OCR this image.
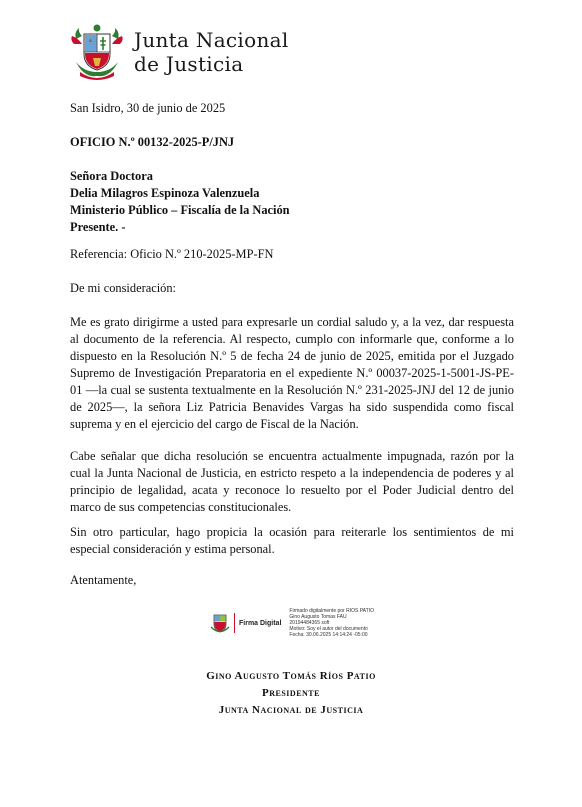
Junta Nacional
de Justicia
San Isidro, 30 de junio de 2025
OFICIO N.º 00132-2025-P/JNJ
Señora Doctora
Delia Milagros Espinoza Valenzuela
Ministerio Público – Fiscalía de la Nación
Presente. -
Referencia: Oficio N.º 210-2025-MP-FN
De mi consideración:
Me es grato dirigirme a usted para expresarle un cordial saludo y, a la vez, dar respuesta al documento de la referencia. Al respecto, cumplo con informarle que, conforme a lo dispuesto en la Resolución N.º 5 de fecha 24 de junio de 2025, emitida por el Juzgado Supremo de Investigación Preparatoria en el expediente N.º 00037-2025-1-5001-JS-PE-01 —la cual se sustenta textualmente en la Resolución N.º 231-2025-JNJ del 12 de junio de 2025—, la señora Liz Patricia Benavides Vargas ha sido suspendida como fiscal suprema y en el ejercicio del cargo de Fiscal de la Nación.
Cabe señalar que dicha resolución se encuentra actualmente impugnada, razón por la cual la Junta Nacional de Justicia, en estricto respeto a la independencia de poderes y al principio de legalidad, acata y reconoce lo resuelto por el Poder Judicial dentro del marco de sus competencias constitucionales.
Sin otro particular, hago propicia la ocasión para reiterarle los sentimientos de mi especial consideración y estima personal.
Atentamente,
Firma Digital
Firmado digitalmente por RIOS PATIO
Gino Augusto Tomas FAU
20194484365 soft
Motivo: Soy el autor del documento
Fecha: 30.06.2025 14:14:24 -05:00
Gino Augusto Tomás Ríos Patio
Presidente
Junta Nacional de Justicia
